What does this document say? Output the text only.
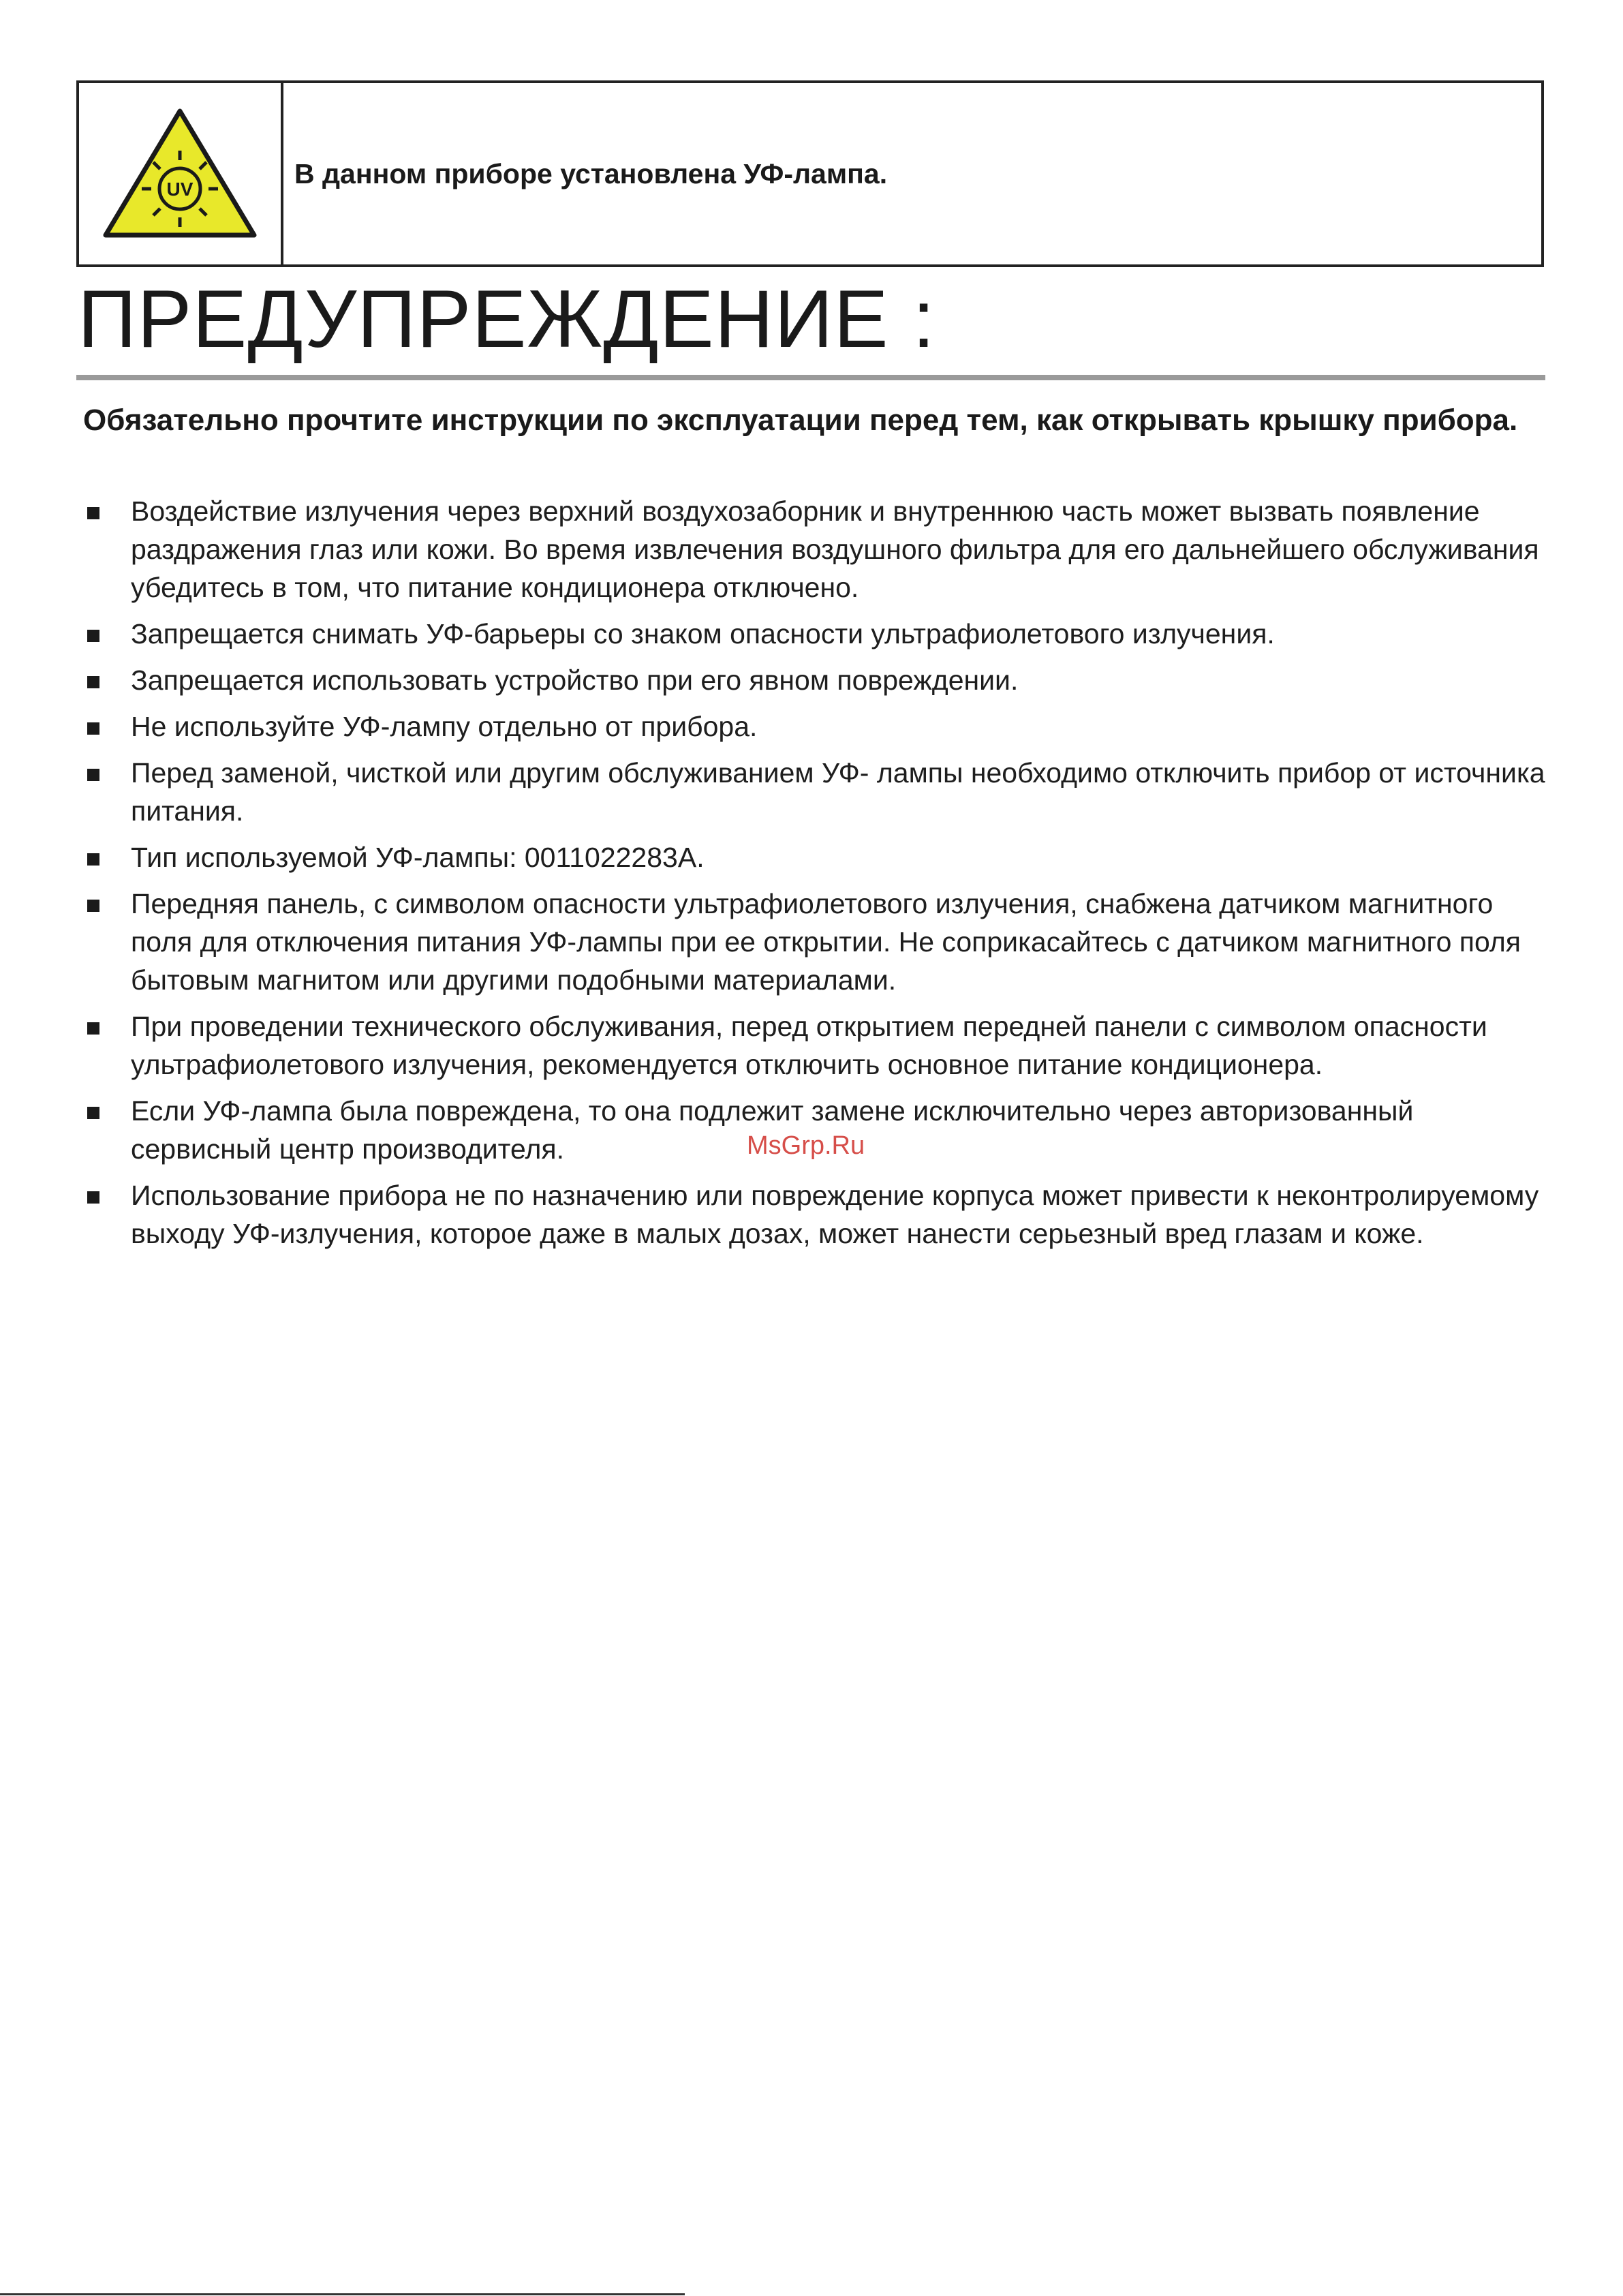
UV	В данном приборе установлена УФ-лампа.
ПРЕДУПРЕЖДЕНИЕ :

Обязательно прочтите инструкции по эксплуатации перед тем, как открывать крышку прибора.

Воздействие излучения через верхний воздухозаборник и внутреннюю часть может вызвать появление раздражения глаз или кожи. Во время извлечения воздушного фильтра для его дальнейшего обслуживания убедитесь в том, что питание кондиционера отключено.
Запрещается снимать УФ-барьеры со знаком опасности ультрафиолетового излучения.
Запрещается использовать устройство при его явном повреждении.
Не используйте УФ-лампу отдельно от прибора.
Перед заменой, чисткой или другим обслуживанием УФ- лампы необходимо отключить прибор от источника питания.
Тип используемой УФ-лампы: 0011022283A.
Передняя панель, с символом опасности ультрафиолетового излучения, снабжена датчиком магнитного поля для отключения питания УФ-лампы при ее открытии. Не соприкасайтесь с датчиком магнитного поля бытовым магнитом или другими подобными материалами.
При проведении технического обслуживания, перед открытием передней панели с символом опасности ультрафиолетового излучения, рекомендуется отключить основное питание кондиционера.
Если УФ-лампа была повреждена, то она подлежит замене исключительно через авторизованный сервисный центр производителя.
Использование прибора не по назначению или повреждение корпуса может привести к неконтролируемому выходу УФ-излучения, которое даже в малых дозах, может нанести серьезный вред глазам и коже.
MsGrp.Ru
